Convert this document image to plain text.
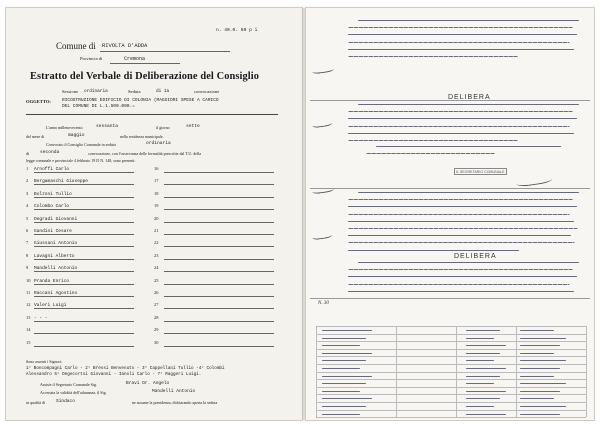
n. 40.0. 60 p i
Comune di RIVOLTA D'ADDA
Provincia di	Cremona
Estratto del Verbale di Deliberazione del Consiglio
Sessione ordinaria	Seduta	di 1a	convocazione
OGGETTO: RICOSTRUZIONE EDIFICIO DI COLONIA (MAGGIORI SPESE A CARICO
DEL COMUNE DI L.1.500.000.=
L'anno millenovecento	sessanta	il giorno	sette
del mese di	maggio	nella residenza municipale.
Convocato il Consiglio Comunale in seduta	ordinaria
di seconda	convocazione, con l'osservanza delle formalità prescritte dal T.U. della
legge comunale e provinciale 4 febbraio 1915 N. 148, sono presenti:
1 Arnoffi Carlo
2 Bergamaschi Giuseppe
3 Bolzoni Tullio
4 Colombo Carlo
5 Degradi Giovanni
6 Gandini Cesare
7 Giussani Antonio
8 Lavagni Alberto
9 Mandelli Antonio
10 Pranda Enrico
11 Raccani Agostino
12 Valeri Luigi
13 - - -
14
15
16
17
18
19
20
21
22
23
24
25
26
27
28
29
30
Sono assenti i Signori:
1° Boncompagni Carlo - 2° Bressi Benvenuto - 3° Cappellani Tullio -4° Colombi
Alessandro 5° Degecortsi Giovanni - Ianoli Carlo - 7° Raggeri Luigi.
Assiste il Segretario Comunale Sig.	Bravi Dr. Angelo
Accertata la validità dell'adunanza, il Sig.	Mandelli Antonio
in qualità di Sindaco	ne assume la presidenza, dichiarando aperta la seduta
DELIBERA
DELIBERA
IL SEGRETARIO COMUNALE
N. 30
